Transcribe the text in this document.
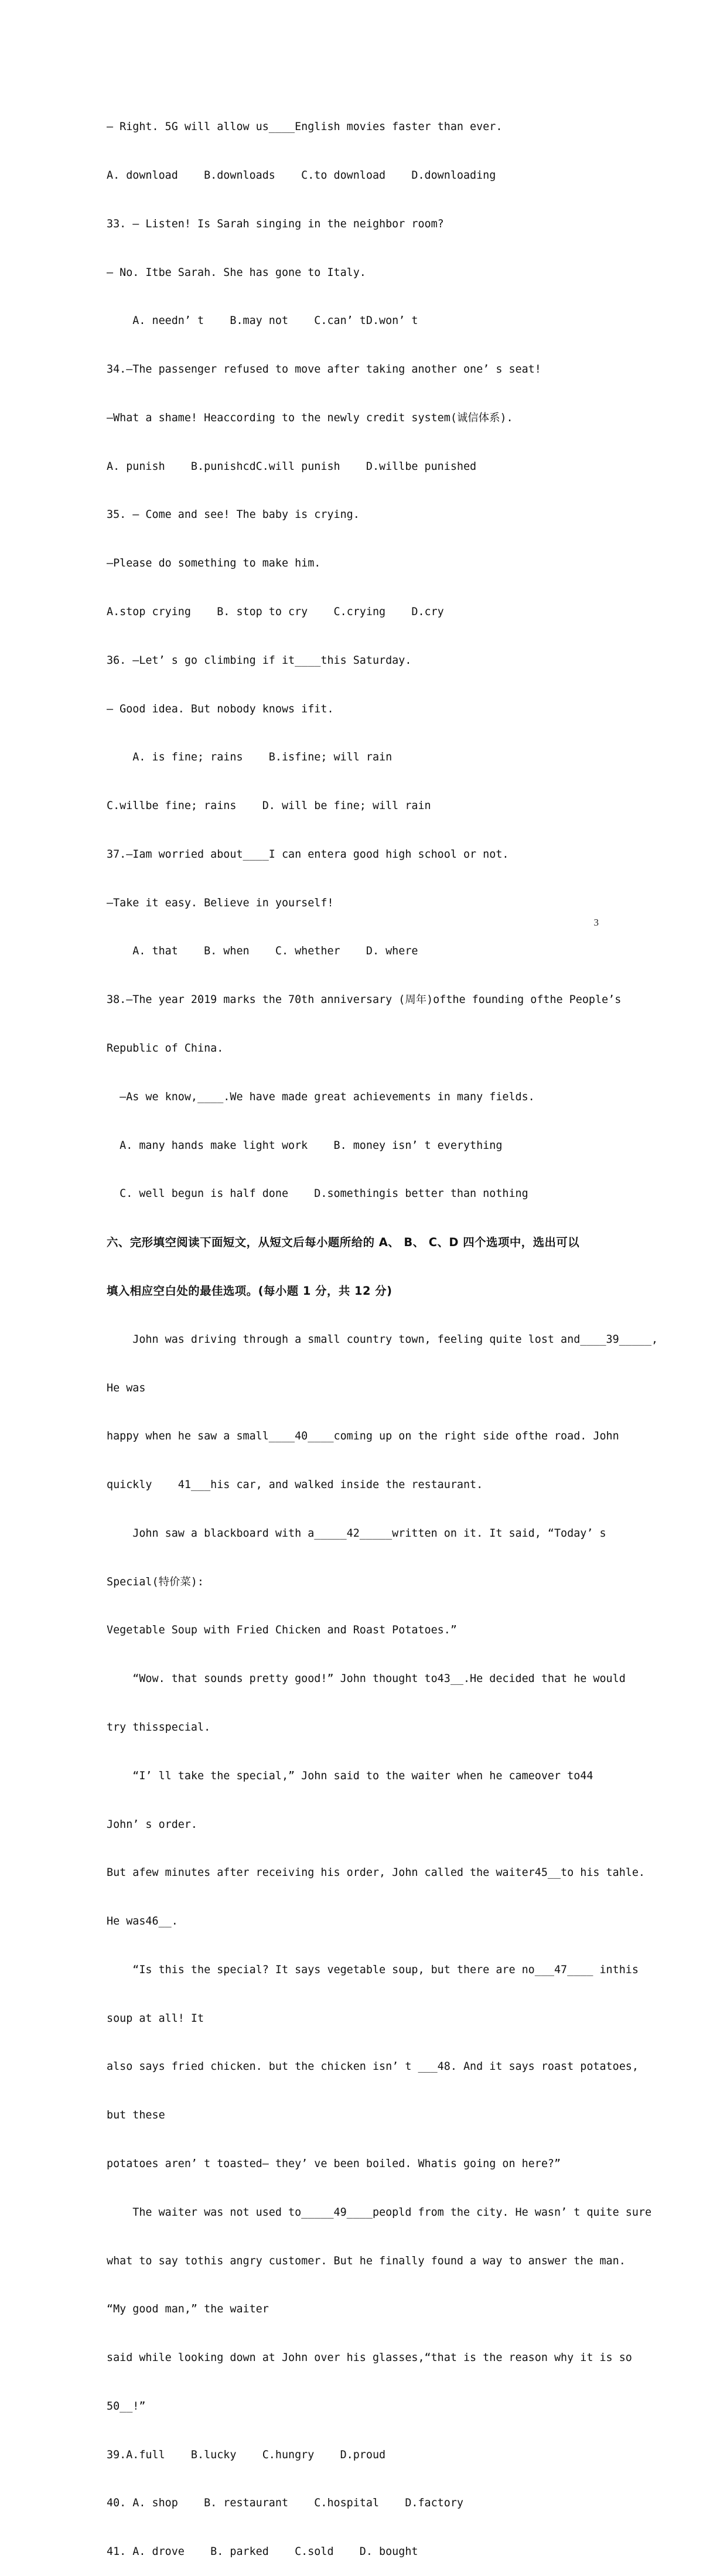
— Right. 5G will allow us____English movies faster than ever.

A. download    B.downloads    C.to download    D.downloading

33. — Listen! Is Sarah singing in the neighbor room?

— No. Itbe Sarah. She has gone to Italy.

A. needn’ t    B.may not    C.can’ tD.won’ t

34.—The passenger refused to move after taking another one’ s seat!

—What a shame! Heaccording to the newly credit system(诚信体系).

A. punish    B.punishcdC.will punish    D.willbe punished

35. — Come and see! The baby is crying.

—Please do something to make him.

A.stop crying    B. stop to cry    C.crying    D.cry

36. —Let’ s go climbing if it____this Saturday.

— Good idea. But nobody knows ifit.

A. is fine; rains    B.isfine; will rain

C.willbe fine; rains    D. will be fine; will rain

37.—Iam worried about____I can entera good high school or not.

—Take it easy. Believe in yourself!

A. that    B. when    C. whether    D. where

38.—The year 2019 marks the 70th anniversary (周年)ofthe founding ofthe People’s

Republic of China.

—As we know,____.We have made great achievements in many fields.

A. many hands make light work    B. money isn’ t everything

C. well begun is half done    D.somethingis better than nothing

六、完形填空阅读下面短文，从短文后每小题所给的 A、 B、 C、D 四个选项中，选出可以

填入相应空白处的最佳选项。(每小题 1 分，共 12 分)

John was driving through a small country town, feeling quite lost and____39_____,

He was

happy when he saw a small____40____coming up on the right side ofthe road. John

quickly    41___his car, and walked inside the restaurant.

John saw a blackboard with a_____42_____written on it. It said, “Today’ s

Special(特价菜):

Vegetable Soup with Fried Chicken and Roast Potatoes.”

“Wow. that sounds pretty good!” John thought to43__.He decided that he would

try thisspecial.

“I’ ll take the special,” John said to the waiter when he cameover to44

John’ s order.

But afew minutes after receiving his order, John called the waiter45__to his tahle.

He was46__.

“Is this the special? It says vegetable soup, but there are no___47____ inthis

soup at all! It

also says fried chicken. but the chicken isn’ t ___48. And it says roast potatoes,

but these

potatoes aren’ t toasted— they’ ve been boiled. Whatis going on here?”

The waiter was not used to_____49____peopld from the city. He wasn’ t quite sure

what to say tothis angry customer. But he finally found a way to answer the man.

“My good man,” the waiter

said while looking down at John over his glasses,“that is the reason why it is so

50__!”

39.A.full    B.lucky    C.hungry    D.proud

40. A. shop    B. restaurant    C.hospital    D.factory

41. A. drove    B. parked    C.sold    D. bought

3
